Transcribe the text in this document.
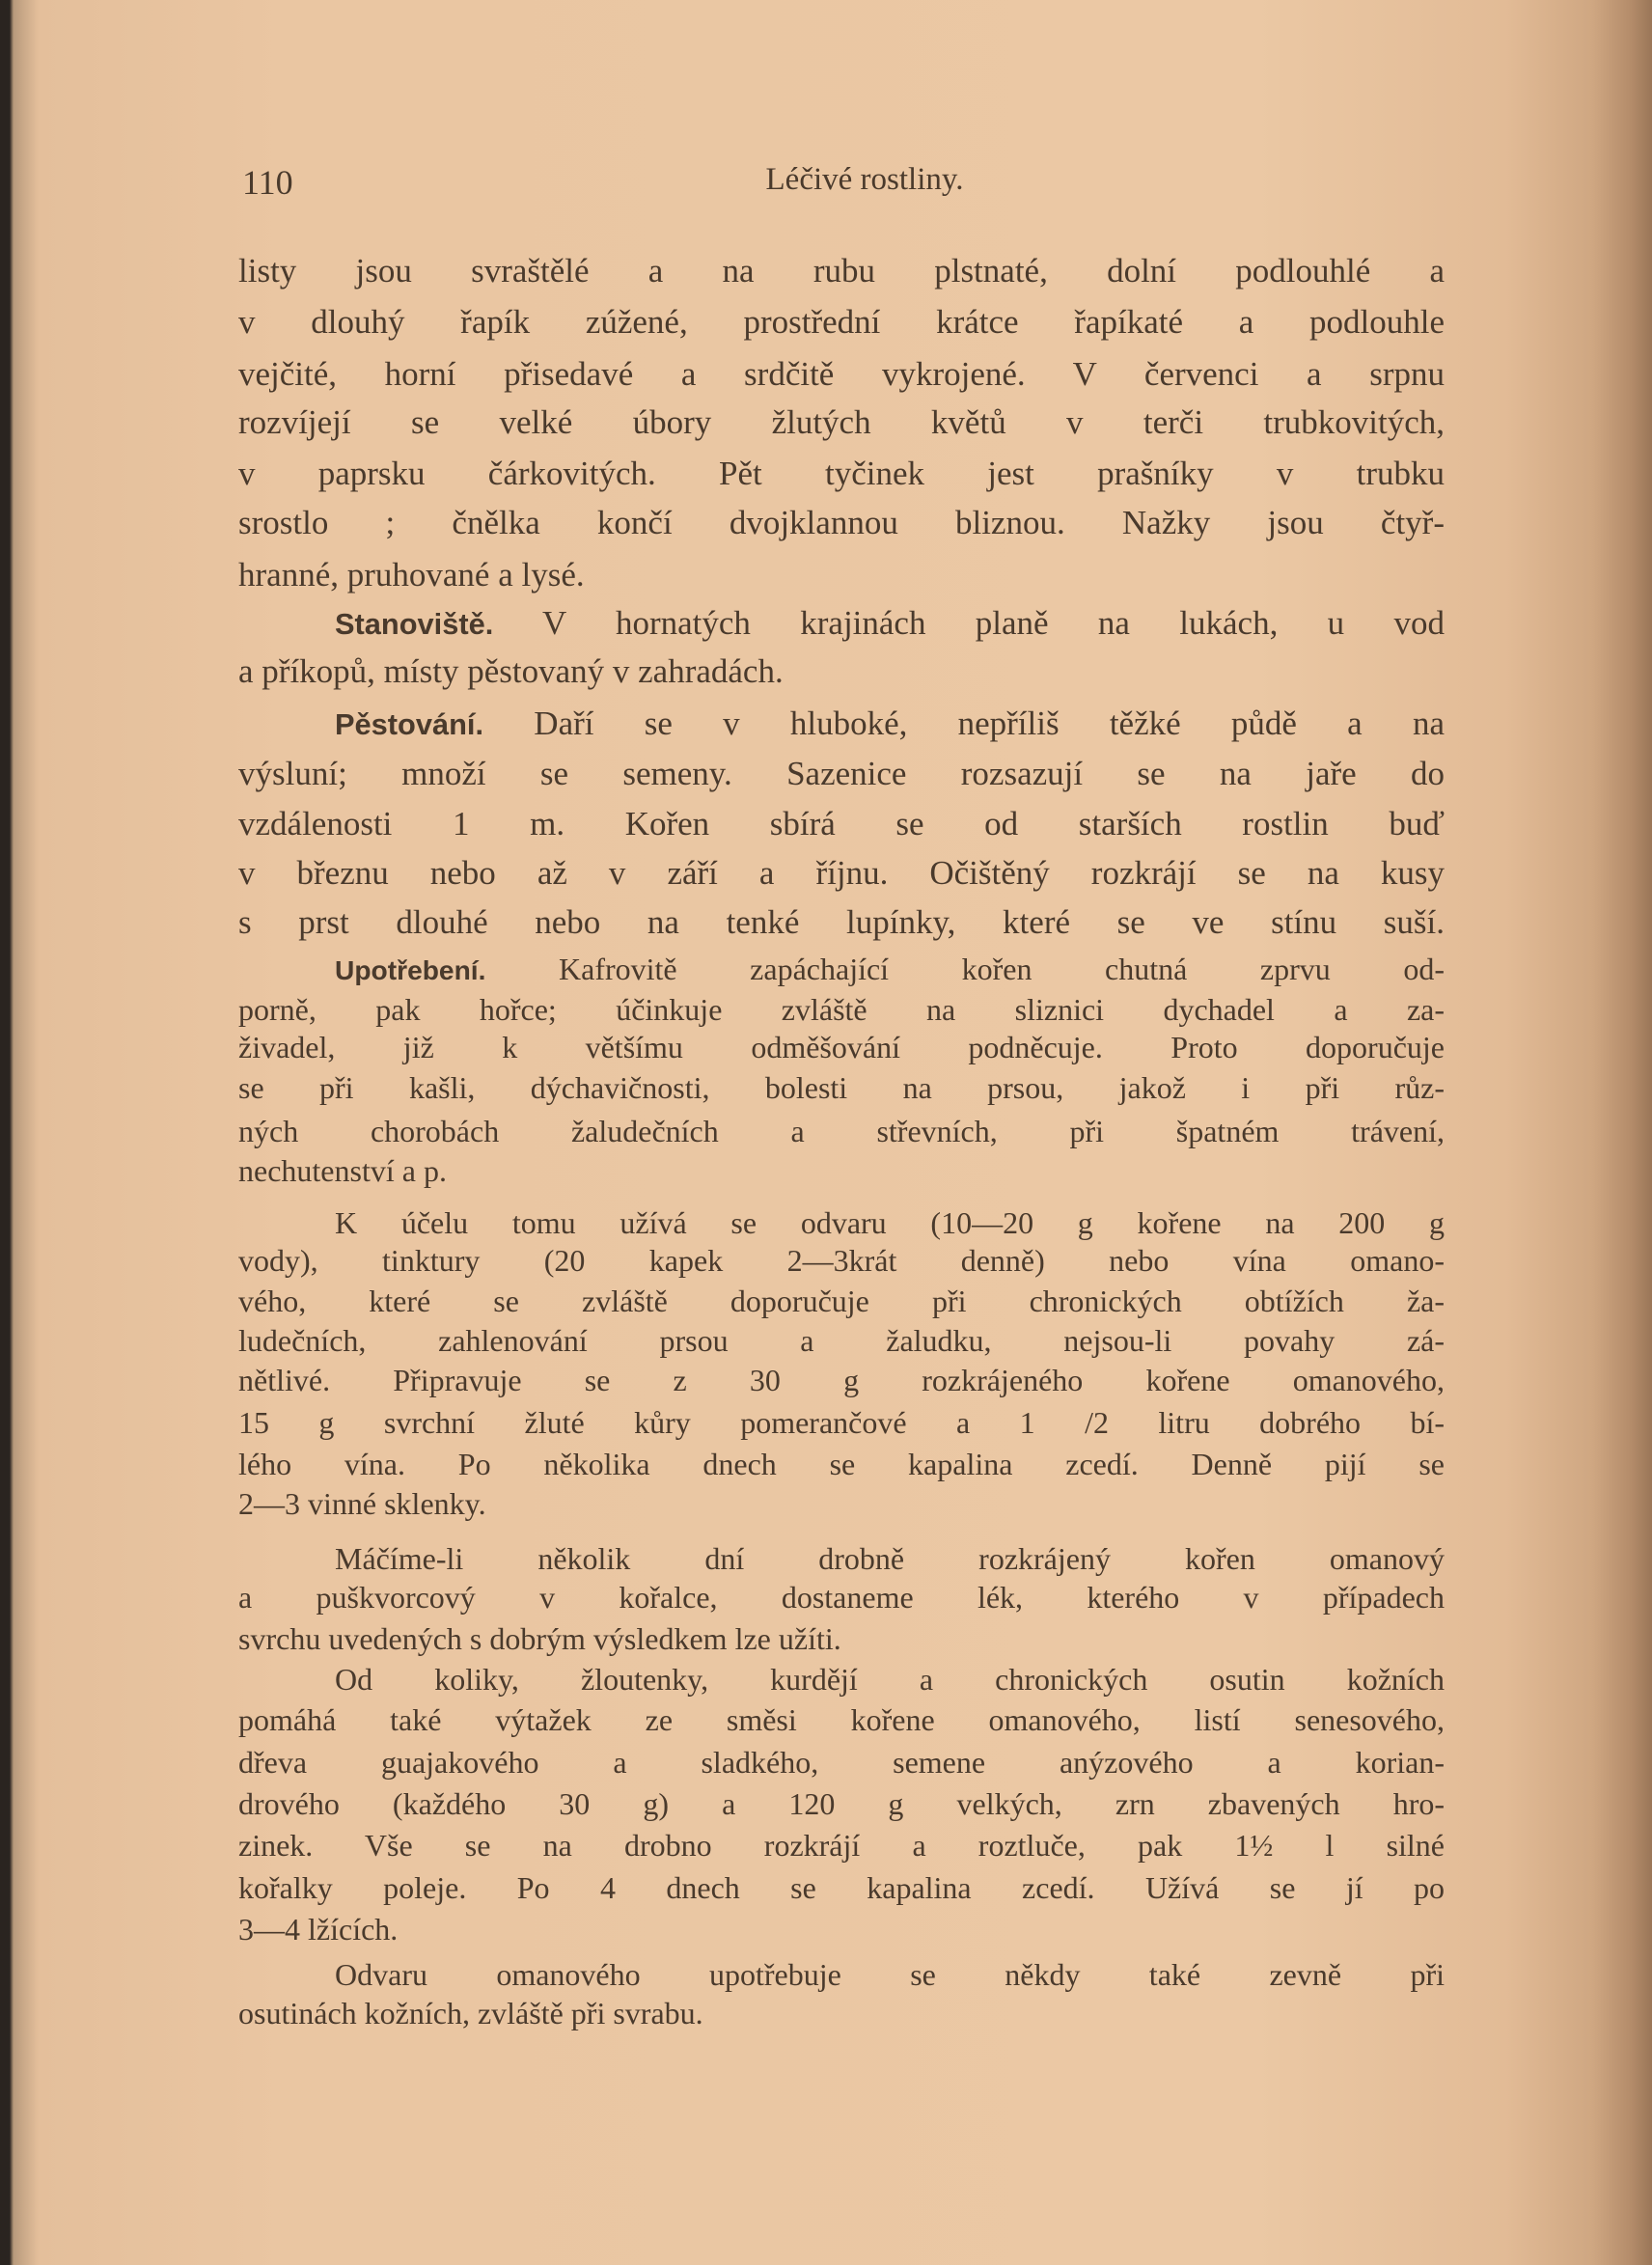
110	Léčivé rostliny.
listy jsou svraštělé a na rubu plstnaté, dolní podlouhlé a
v dlouhý řapík zúžené, prostřední krátce řapíkaté a podlouhle
vejčité, horní přisedavé a srdčitě vykrojené. V červenci a srpnu
rozvíjejí se velké úbory žlutých květů v terči trubkovitých,
v paprsku čárkovitých. Pět tyčinek jest prašníky v trubku
srostlo ; čnělka končí dvojklannou bliznou. Nažky jsou čtyř-
hranné, pruhované a lysé.
Stanoviště. V hornatých krajinách planě na lukách, u vod
a příkopů, místy pěstovaný v zahradách.
Pěstování. Daří se v hluboké, nepříliš těžké půdě a na
výsluní; množí se semeny. Sazenice rozsazují se na jaře do
vzdálenosti 1 m. Kořen sbírá se od starších rostlin buď
v březnu nebo až v září a říjnu. Očištěný rozkrájí se na kusy
s prst dlouhé nebo na tenké lupínky, které se ve stínu suší.
Upotřebení. Kafrovitě zapáchající kořen chutná zprvu od-
porně, pak hořce; účinkuje zvláště na sliznici dychadel a za-
živadel, již k většímu odměšování podněcuje. Proto doporučuje
se při kašli, dýchavičnosti, bolesti na prsou, jakož i při růz-
ných chorobách žaludečních a střevních, při špatném trávení,
nechutenství a p.
K účelu tomu užívá se odvaru (10—20 g kořene na 200 g
vody), tinktury (20 kapek 2—3krát denně) nebo vína omano-
vého, které se zvláště doporučuje při chronických obtížích ža-
ludečních, zahlenování prsou a žaludku, nejsou-li povahy zá-
nětlivé. Připravuje se z 30 g rozkrájeného kořene omanového,
15 g svrchní žluté kůry pomerančové a 1 /2 litru dobrého bí-
lého vína. Po několika dnech se kapalina zcedí. Denně pijí se
2—3 vinné sklenky.
Máčíme-li několik dní drobně rozkrájený kořen omanový
a puškvorcový v kořalce, dostaneme lék, kterého v případech
svrchu uvedených s dobrým výsledkem lze užíti.
Od koliky, žloutenky, kurdějí a chronických osutin kožních
pomáhá také výtažek ze směsi kořene omanového, listí senesového,
dřeva guajakového a sladkého, semene anýzového a korian-
drového (každého 30 g) a 120 g velkých, zrn zbavených hro-
zinek. Vše se na drobno rozkrájí a roztluče, pak 1½ l silné
kořalky poleje. Po 4 dnech se kapalina zcedí. Užívá se jí po
3—4 lžících.
Odvaru omanového upotřebuje se někdy také zevně při
osutinách kožních, zvláště při svrabu.
